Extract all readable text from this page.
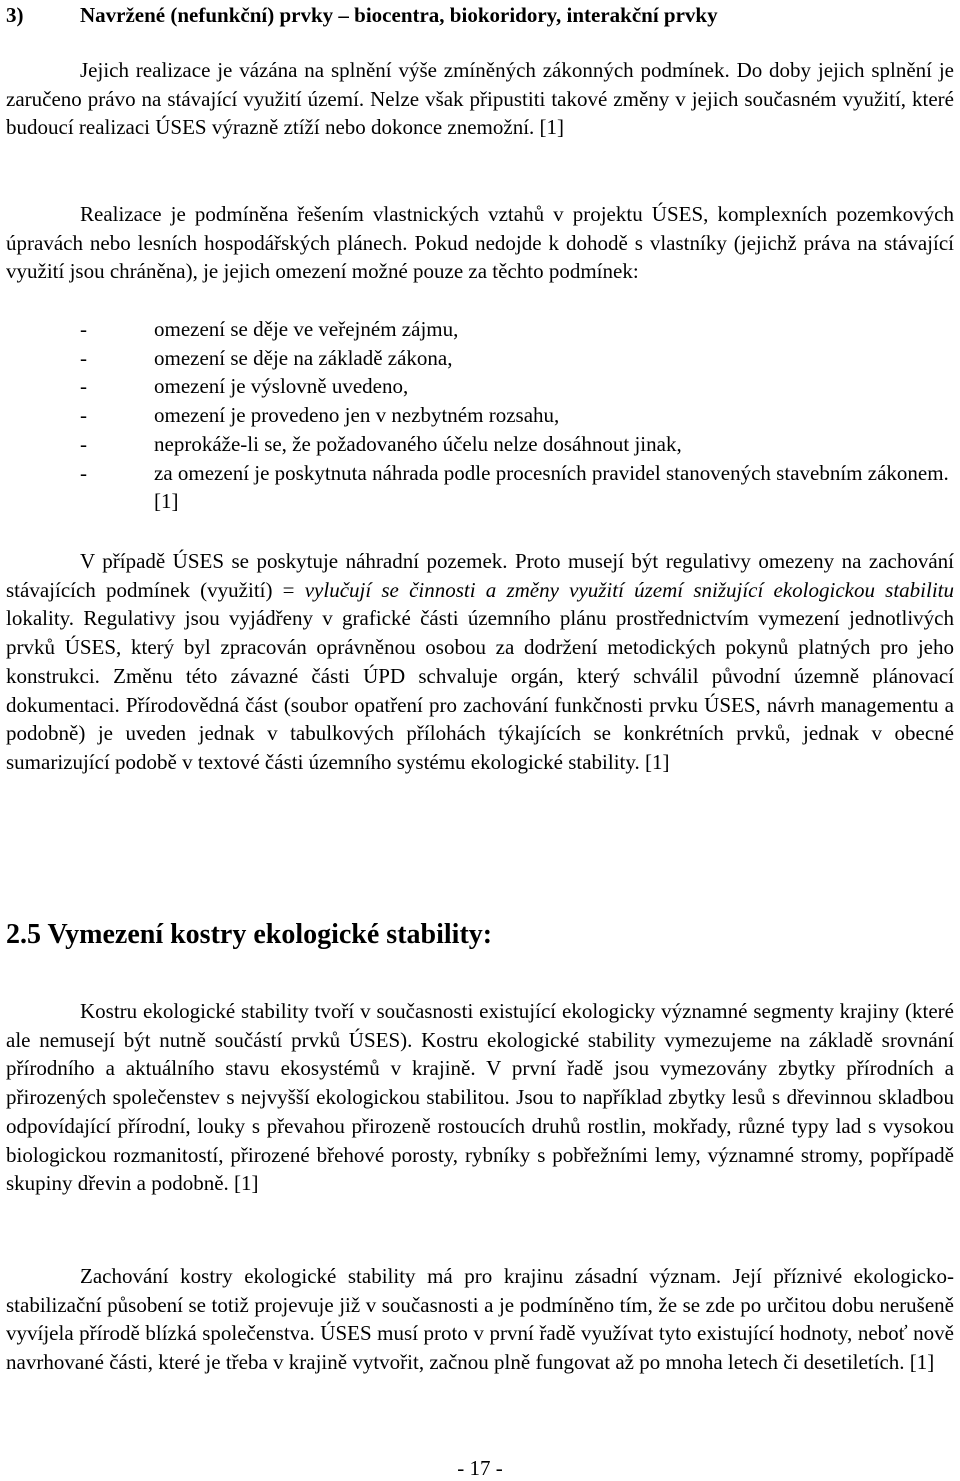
3)	Navržené (nefunkční) prvky – biocentra, biokoridory, interakční prvky

Jejich realizace je vázána na splnění výše zmíněných zákonných podmínek. Do doby jejich splnění je zaručeno právo na stávající využití území. Nelze však připustiti takové změny v jejich současném využití, které budoucí realizaci ÚSES výrazně ztíží nebo dokonce znemožní. [1]

Realizace je podmíněna řešením vlastnických vztahů v projektu ÚSES, komplexních pozemkových úpravách nebo lesních hospodářských plánech. Pokud nedojde k dohodě s vlastníky (jejichž práva na stávající využití jsou chráněna), je jejich omezení možné pouze za těchto podmínek:

-	omezení se děje ve veřejném zájmu,
-	omezení se děje na základě zákona,
-	omezení je výslovně uvedeno,
-	omezení je provedeno jen v nezbytném rozsahu,
-	neprokáže-li se, že požadovaného účelu nelze dosáhnout jinak,
-	za omezení je poskytnuta náhrada podle procesních pravidel stanovených stavebním zákonem. [1]

V případě ÚSES se poskytuje náhradní pozemek. Proto musejí být regulativy omezeny na zachování stávajících podmínek (využití) = vylučují se činnosti a změny využití území snižující ekologickou stabilitu lokality. Regulativy jsou vyjádřeny v grafické části územního plánu prostřednictvím vymezení jednotlivých prvků ÚSES, který byl zpracován oprávněnou osobou za dodržení metodických pokynů platných pro jeho konstrukci. Změnu této závazné části ÚPD schvaluje orgán, který schválil původní územně plánovací dokumentaci. Přírodovědná část (soubor opatření pro zachování funkčnosti prvku ÚSES, návrh managementu a podobně) je uveden jednak v tabulkových přílohách týkajících se konkrétních prvků, jednak v obecné sumarizující podobě v textové části územního systému ekologické stability. [1]

2.5 Vymezení kostry ekologické stability:

Kostru ekologické stability tvoří v současnosti existující ekologicky významné segmenty krajiny (které ale nemusejí být nutně součástí prvků ÚSES). Kostru ekologické stability vymezujeme na základě srovnání přírodního a aktuálního stavu ekosystémů v krajině. V první řadě jsou vymezovány zbytky přírodních a přirozených společenstev s nejvyšší ekologickou stabilitou. Jsou to například zbytky lesů s dřevinnou skladbou odpovídající přírodní, louky s převahou přirozeně rostoucích druhů rostlin, mokřady, různé typy lad s vysokou biologickou rozmanitostí, přirozené břehové porosty, rybníky s pobřežními lemy, významné stromy, popřípadě skupiny dřevin a podobně. [1]

Zachování kostry ekologické stability má pro krajinu zásadní význam. Její příznivé ekologicko-stabilizační působení se totiž projevuje již v současnosti a je podmíněno tím, že se zde po určitou dobu nerušeně vyvíjela přírodě blízká společenstva. ÚSES musí proto v první řadě využívat tyto existující hodnoty, neboť nově navrhované části, které je třeba v krajině vytvořit, začnou plně fungovat až po mnoha letech či desetiletích. [1]

- 17 -
